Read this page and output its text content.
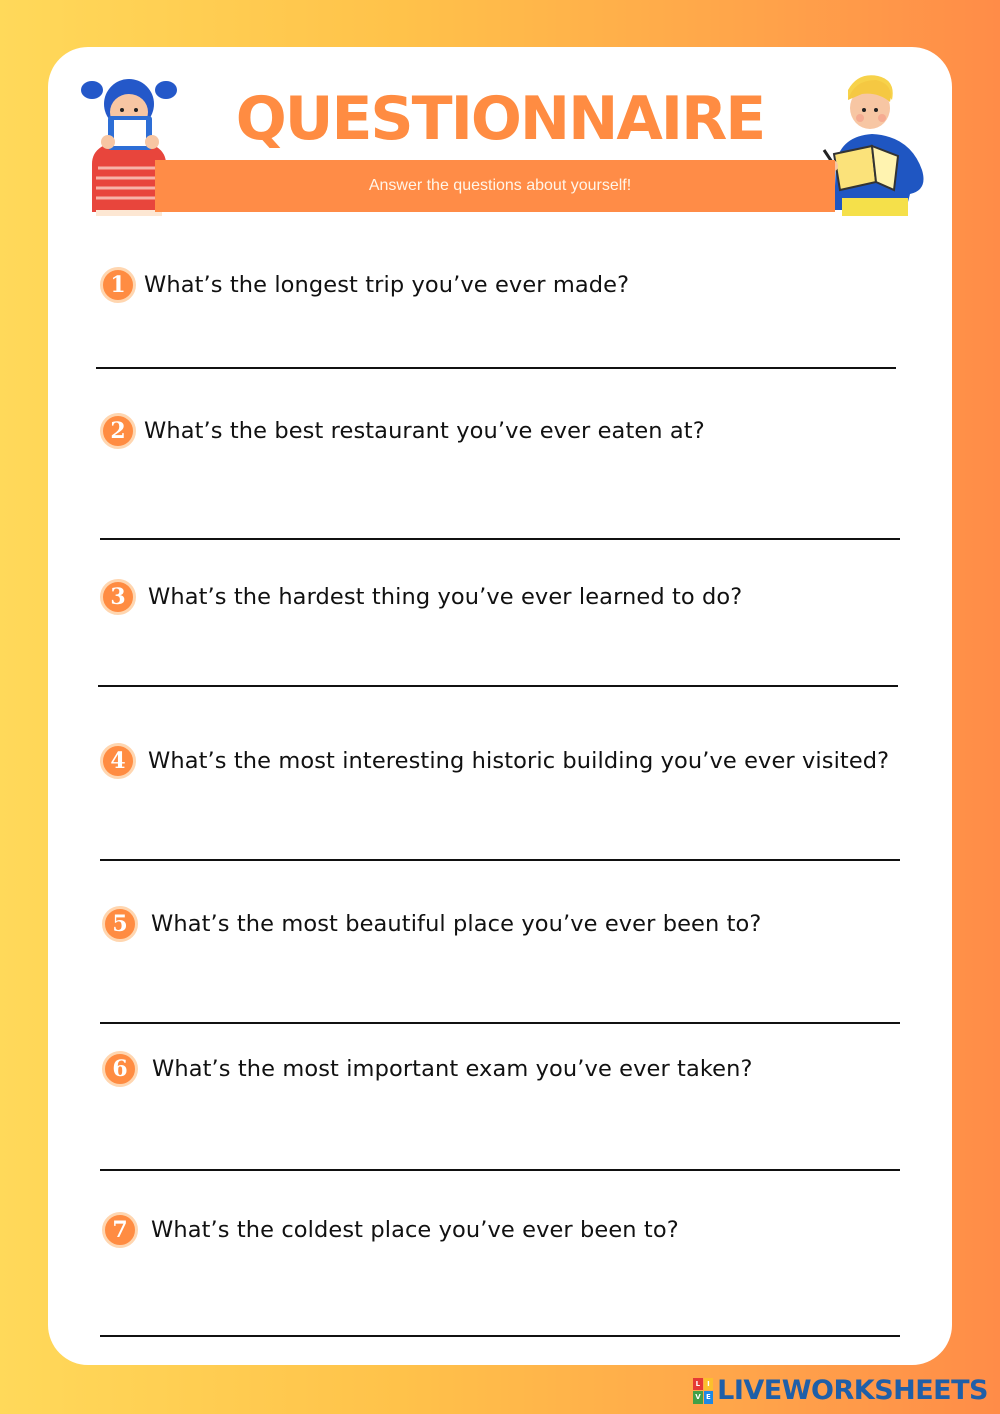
QUESTIONNAIRE
Answer the questions about yourself!
1 What’s the longest trip you’ve ever made?
2 What’s the best restaurant you’ve ever eaten at?
3 What’s the hardest thing you’ve ever learned to do?
4 What’s the most interesting historic building you’ve ever visited?
5	What’s the most beautiful place you’ve ever been to?
6	What’s the most important exam you’ve ever taken?
7	What’s the coldest place you’ve ever been to?
L I
V E LIVEWORKSHEETS
